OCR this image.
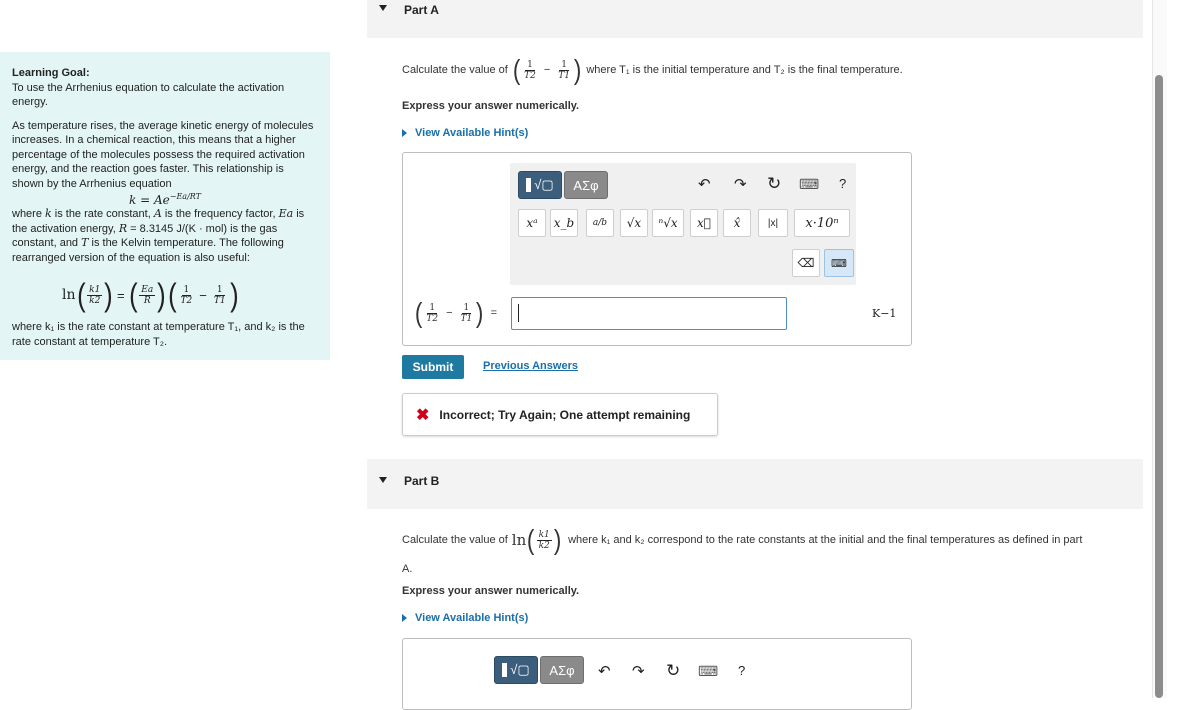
Learning Goal:

To use the Arrhenius equation to calculate the activation energy.

As temperature rises, the average kinetic energy of molecules increases. In a chemical reaction, this means that a higher percentage of the molecules possess the required activation energy, and the reaction goes faster. This relationship is shown by the Arrhenius equation

$k = Ae^{-Ea/RT}$

where k is the rate constant, A is the frequency factor, Ea is the activation energy, R = 8.3145 J/(K · mol) is the gas constant, and T is the Kelvin temperature. The following rearranged version of the equation is also useful:

ln ( $\frac{k1}{k2}$ ) = ( $\frac{Ea}{R}$ ) ( $\frac{1}{T2} - \frac{1}{T1}$ )
where k₁ is the rate constant at temperature T₁, and k₂ is the rate constant at temperature T₂.
Part A
Calculate the value of ( $\frac{1}{T2} - \frac{1}{T1}$ ) where T₁ is the initial temperature and T₂ is the final temperature.
Express your answer numerically.
View Available Hint(s)
√▢ ΑΣφ	↶ ↷ ↻ ⌨ ?
xᵃ x_b a/b √x ⁿ√x x⃗ x̂	|x| x·10ⁿ
⌫ ⌨
( $\frac{1}{T2} - \frac{1}{T1}$ ) =	K−1
Submit	Previous Answers
✖ Incorrect; Try Again; One attempt remaining
Part B
Calculate the value of ln ( $\frac{k1}{k2}$ ) where k₁ and k₂ correspond to the rate constants at the initial and the final temperatures as defined in part
A.
Express your answer numerically.
View Available Hint(s)
√▢ ΑΣφ ↶ ↷ ↻ ⌨ ?
